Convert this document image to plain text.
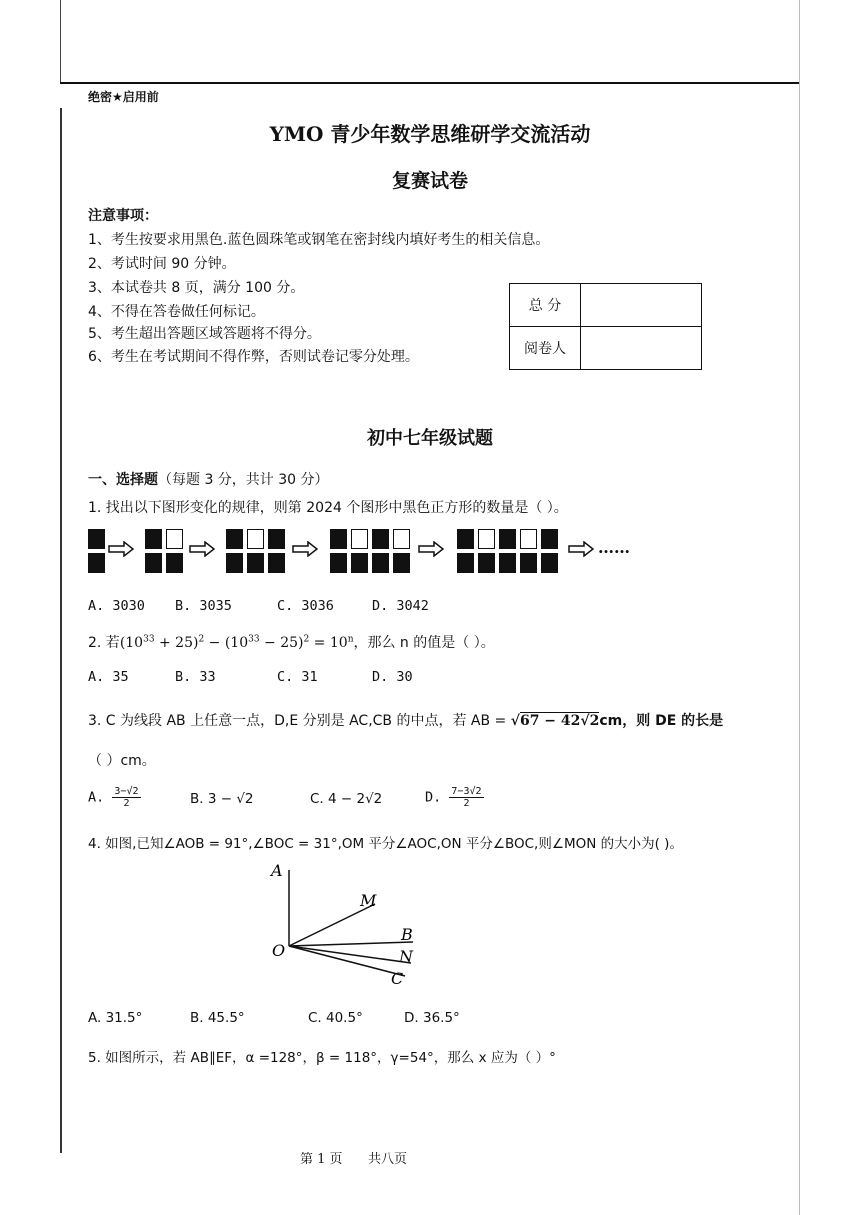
绝密★启用前
YMO 青少年数学思维研学交流活动
复赛试卷
注意事项：
1、考生按要求用黑色.蓝色圆珠笔或钢笔在密封线内填好考生的相关信息。
2、考试时间 90 分钟。
3、本试卷共 8 页，满分 100 分。
4、不得在答卷做任何标记。
5、考生超出答题区域答题将不得分。
6、考生在考试期间不得作弊，否则试卷记零分处理。
总 分	
阅卷人	
初中七年级试题
一、选择题（每题 3 分，共计 30 分）
1. 找出以下图形变化的规律，则第 2024 个图形中黑色正方形的数量是（ ）。
……
A. 3030 B. 3035	C. 3036	D. 3042
2. 若$(10^{33} + 25)^2 - (10^{33} - 25)^2 = 10^n$，那么 n 的值是（ ）。
A. 35	B. 33	C. 31	D. 30
3. C 为线段 AB 上任意一点，D,E 分别是 AC,CB 的中点，若 AB = √67 − 42√2cm，则 DE 的长是
（ ）cm。
A. $\frac{3-√2}{2}$	B. 3 − √2	C. 4 − 2√2	D. $\frac{7-3√2}{2}$
4. 如图,已知∠AOB = 91°,∠BOC = 31°,OM 平分∠AOC,ON 平分∠BOC,则∠MON 的大小为( )。
A
M
O
B
N
C
A. 31.5°	B. 45.5°	C. 40.5°	D. 36.5°
5. 如图所示，若 AB∥EF，α =128°，β = 118°，γ=54°，那么 x 应为（ ）°
第 1 页 共八页
